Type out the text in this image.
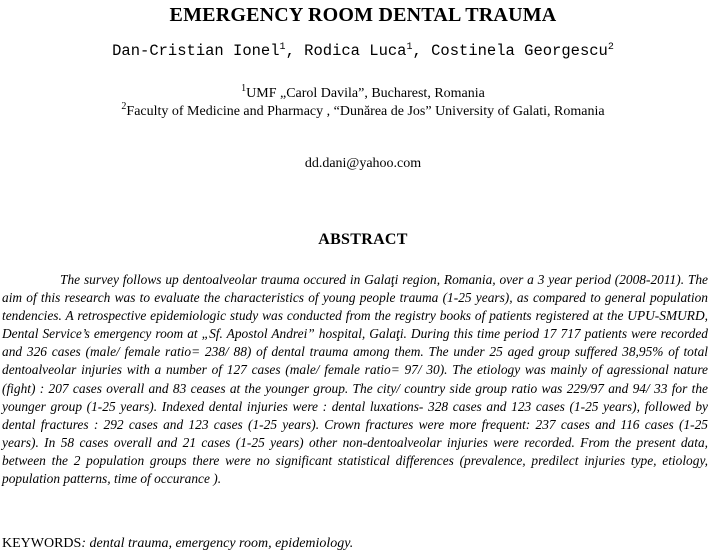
EMERGENCY ROOM DENTAL TRAUMA
Dan-Cristian Ionel$^1$, Rodica Luca$^1$, Costinela Georgescu$^2$
$^1$UMF „Carol Davila”, Bucharest, Romania
$^2$Faculty of Medicine and Pharmacy , “Dunărea de Jos” University of Galati, Romania
dd.dani@yahoo.com
ABSTRACT

The survey follows up dentoalveolar trauma occured in Galaţi region, Romania, over a 3 year period (2008-2011). The aim of this research was to evaluate the characteristics of young people trauma (1-25 years), as compared to general population tendencies. A retrospective epidemiologic study was conducted from the registry books of patients registered at the UPU-SMURD, Dental Service’s emergency room at „Sf. Apostol Andrei” hospital, Galaţi. During this time period 17 717 patients were recorded and 326 cases (male/ female ratio= 238/ 88) of dental trauma among them. The under 25 aged group suffered 38,95% of total dentoalveolar injuries with a number of 127 cases (male/ female ratio= 97/ 30). The etiology was mainly of agressional nature (fight) : 207 cases overall and 83 ceases at the younger group. The city/ country side group ratio was 229/97 and 94/ 33 for the younger group (1-25 years). Indexed dental injuries were : dental luxations- 328 cases and 123 cases (1-25 years), followed by dental fractures : 292 cases and 123 cases (1-25 years). Crown fractures were more frequent: 237 cases and 116 cases (1-25 years). In 58 cases overall and 21 cases (1-25 years) other non-dentoalveolar injuries were recorded. From the present data, between the 2 population groups there were no significant statistical differences (prevalence, predilect injuries type, etiology, population patterns, time of occurance ).

KEYWORDS: dental trauma, emergency room, epidemiology.
